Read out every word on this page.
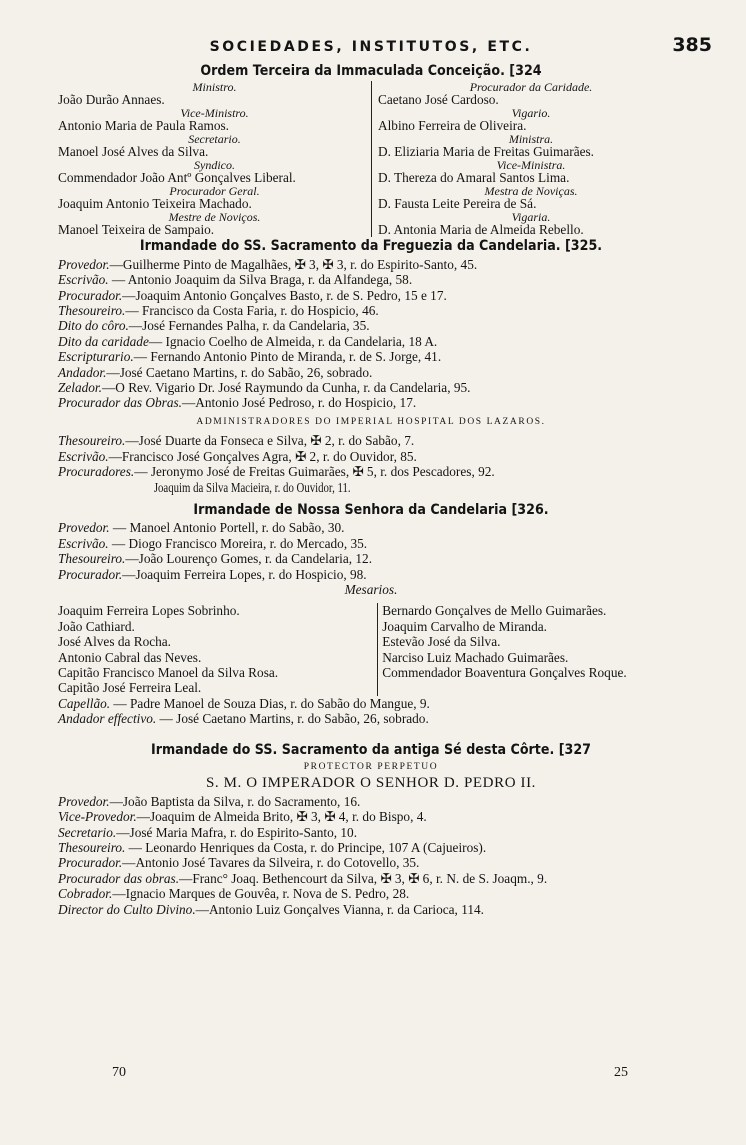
SOCIEDADES, INSTITUTOS, ETC.	385
Ordem Terceira da Immaculada Conceição. [324
Ministro.
João Durão Annaes.
Vice-Ministro.
Antonio Maria de Paula Ramos.
Secretario.
Manoel José Alves da Silva.
Syndico.
Commendador João Antº Gonçalves Liberal.
Procurador Geral.
Joaquim Antonio Teixeira Machado.
Mestre de Noviços.
Manoel Teixeira de Sampaio.
Procurador da Caridade.
Caetano José Cardoso.
Vigario.
Albino Ferreira de Oliveira.
Ministra.
D. Eliziaria Maria de Freitas Guimarães.
Vice-Ministra.
D. Thereza do Amaral Santos Lima.
Mestra de Noviças.
D. Fausta Leite Pereira de Sá.
Vigaria.
D. Antonia Maria de Almeida Rebello.
Irmandade do SS. Sacramento da Freguezia da Candelaria. [325.
Provedor.—Guilherme Pinto de Magalhães, ✠ 3, ✠ 3, r. do Espirito-Santo, 45.
Escrivão. — Antonio Joaquim da Silva Braga, r. da Alfandega, 58.
Procurador.—Joaquim Antonio Gonçalves Basto, r. de S. Pedro, 15 e 17.
Thesoureiro.— Francisco da Costa Faria, r. do Hospicio, 46.
Dito do côro.—José Fernandes Palha, r. da Candelaria, 35.
Dito da caridade— Ignacio Coelho de Almeida, r. da Candelaria, 18 A.
Escripturario.— Fernando Antonio Pinto de Miranda, r. de S. Jorge, 41.
Andador.—José Caetano Martins, r. do Sabão, 26, sobrado.
Zelador.—O Rev. Vigario Dr. José Raymundo da Cunha, r. da Candelaria, 95.
Procurador das Obras.—Antonio José Pedroso, r. do Hospicio, 17.
ADMINISTRADORES DO IMPERIAL HOSPITAL DOS LAZAROS.
Thesoureiro.—José Duarte da Fonseca e Silva, ✠ 2, r. do Sabão, 7.
Escrivão.—Francisco José Gonçalves Agra, ✠ 2, r. do Ouvidor, 85.
Procuradores.— Jeronymo José de Freitas Guimarães, ✠ 5, r. dos Pescadores, 92.
Joaquim da Silva Macieira, r. do Ouvidor, 11.
Irmandade de Nossa Senhora da Candelaria [326.
Provedor. — Manoel Antonio Portell, r. do Sabão, 30.
Escrivão. — Diogo Francisco Moreira, r. do Mercado, 35.
Thesoureiro.—João Lourenço Gomes, r. da Candelaria, 12.
Procurador.—Joaquim Ferreira Lopes, r. do Hospicio, 98.
Mesarios.
Joaquim Ferreira Lopes Sobrinho.
João Cathiard.
José Alves da Rocha.
Antonio Cabral das Neves.
Capitão Francisco Manoel da Silva Rosa.
Capitão José Ferreira Leal.
Bernardo Gonçalves de Mello Guimarães.
Joaquim Carvalho de Miranda.
Estevão José da Silva.
Narciso Luiz Machado Guimarães.
Commendador Boaventura Gonçalves Roque.
Capellão. — Padre Manoel de Souza Dias, r. do Sabão do Mangue, 9.
Andador effectivo. — José Caetano Martins, r. do Sabão, 26, sobrado.
Irmandade do SS. Sacramento da antiga Sé desta Côrte. [327
PROTECTOR PERPETUO
S. M. O IMPERADOR O SENHOR D. PEDRO II.
Provedor.—João Baptista da Silva, r. do Sacramento, 16.
Vice-Provedor.—Joaquim de Almeida Brito, ✠ 3, ✠ 4, r. do Bispo, 4.
Secretario.—José Maria Mafra, r. do Espirito-Santo, 10.
Thesoureiro. — Leonardo Henriques da Costa, r. do Principe, 107 A (Cajueiros).
Procurador.—Antonio José Tavares da Silveira, r. do Cotovello, 35.
Procurador das obras.—Franc° Joaq. Bethencourt da Silva, ✠ 3, ✠ 6, r. N. de S. Joaqm., 9.
Cobrador.—Ignacio Marques de Gouvêa, r. Nova de S. Pedro, 28.
Director do Culto Divino.—Antonio Luiz Gonçalves Vianna, r. da Carioca, 114.
70	25
